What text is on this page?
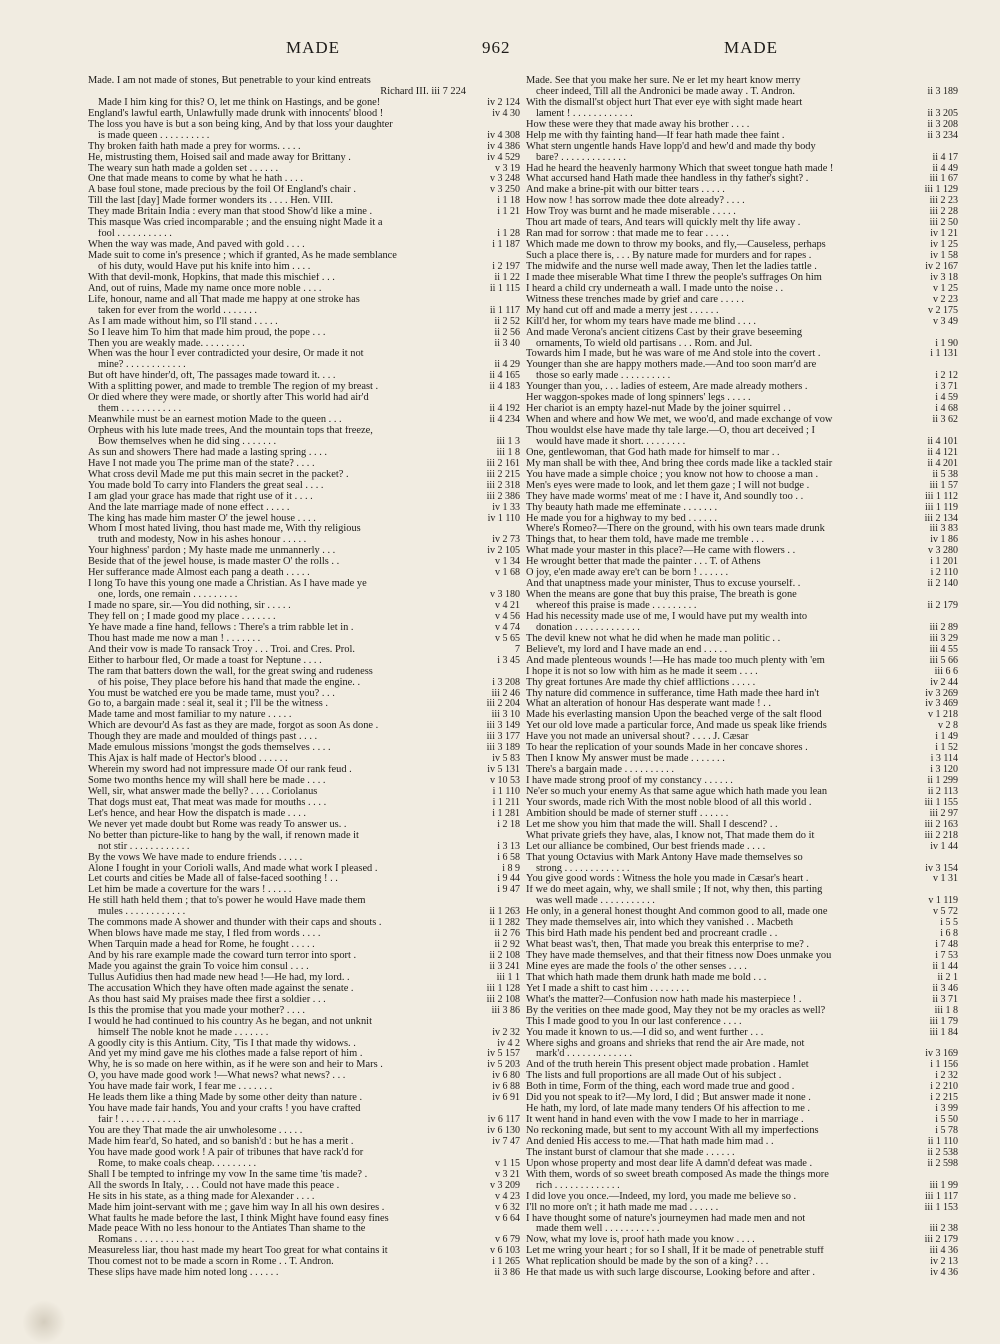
MADE	962	MADE
Made. I am not made of stones, But penetrable to your kind entreats
Richard III. iii 7 224
Made I him king for this? O, let me think on Hastings, and be gone!	iv 2 124
England's lawful earth, Unlawfully made drunk with innocents' blood !	iv 4 30
The loss you have is but a son being king, And by that loss your daughter
is made queen . . . . . . . . . .	iv 4 308
Thy broken faith hath made a prey for worms. . . . .	iv 4 386
He, mistrusting them, Hoised sail and made away for Brittany .	iv 4 529
The weary sun hath made a golden set . . . . . .	v 3 19
One that made means to come by what he hath . . . .	v 3 248
A base foul stone, made precious by the foil Of England's chair .	v 3 250
Till the last [day] Made former wonders its . . . . Hen. VIII.	i 1 18
They made Britain India : every man that stood Show'd like a mine .	i 1 21
This masque Was cried incomparable ; and the ensuing night Made it a
fool . . . . . . . . . . .	i 1 28
When the way was made, And paved with gold . . . .	i 1 187
Made suit to come in's presence ; which if granted, As he made semblance
of his duty, would Have put his knife into him . . . .	i 2 197
With that devil-monk, Hopkins, that made this mischief . . .	ii 1 22
And, out of ruins, Made my name once more noble . . . .	ii 1 115
Life, honour, name and all That made me happy at one stroke has
taken for ever from the world . . . . . . .	ii 1 117
As I am made without him, so I'll stand . . . . .	ii 2 52
So I leave him To him that made him proud, the pope . . .	ii 2 56
Then you are weakly made. . . . . . . . .	ii 3 40
When was the hour I ever contradicted your desire, Or made it not
mine? . . . . . . . . . . . .	ii 4 29
But oft have hinder'd, oft, The passages made toward it. . . .	ii 4 165
With a splitting power, and made to tremble The region of my breast .	ii 4 183
Or died where they were made, or shortly after This world had air'd
them . . . . . . . . . . . .	ii 4 192
Meanwhile must be an earnest motion Made to the queen . . .	ii 4 234
Orpheus with his lute made trees, And the mountain tops that freeze,
Bow themselves when he did sing . . . . . . .	iii 1 3
As sun and showers There had made a lasting spring . . . .	iii 1 8
Have I not made you The prime man of the state? . . . .	iii 2 161
What cross devil Made me put this main secret in the packet? .	iii 2 215
You made bold To carry into Flanders the great seal . . . .	iii 2 318
I am glad your grace has made that right use of it . . . .	iii 2 386
And the late marriage made of none effect . . . . .	iv 1 33
The king has made him master O' the jewel house . . . .	iv 1 110
Whom I most hated living, thou hast made me, With thy religious
truth and modesty, Now in his ashes honour . . . . .	iv 2 73
Your highness' pardon ; My haste made me unmannerly . . .	iv 2 105
Beside that of the jewel house, is made master O' the rolls . .	v 1 34
Her sufferance made Almost each pang a death . . . . .	v 1 68
I long To have this young one made a Christian. As I have made ye
one, lords, one remain . . . . . . . . .	v 3 180
I made no spare, sir.—You did nothing, sir . . . . .	v 4 21
They fell on ; I made good my place . . . . . . .	v 4 56
Ye have made a fine hand, fellows : There's a trim rabble let in .	v 4 74
Thou hast made me now a man ! . . . . . . .	v 5 65
And their vow is made To ransack Troy . . . Troi. and Cres. Prol.	7
Either to harbour fled, Or made a toast for Neptune . . . .	i 3 45
The ram that batters down the wall, for the great swing and rudeness
of his poise, They place before his hand that made the engine. .	i 3 208
You must be watched ere you be made tame, must you? . . .	iii 2 46
Go to, a bargain made : seal it, seal it ; I'll be the witness .	iii 2 204
Made tame and most familiar to my nature . . . . .	iii 3 10
Which are devour'd As fast as they are made, forgot as soon As done .	iii 3 149
Though they are made and moulded of things past . . . .	iii 3 177
Made emulous missions 'mongst the gods themselves . . . .	iii 3 189
This Ajax is half made of Hector's blood . . . . . .	iv 5 83
Wherein my sword had not impressure made Of our rank feud .	iv 5 131
Some two months hence my will shall here be made . . . .	v 10 53
Well, sir, what answer made the belly? . . . . Coriolanus	i 1 110
That dogs must eat, That meat was made for mouths . . . .	i 1 211
Let's hence, and hear How the dispatch is made . . . .	i 1 281
We never yet made doubt but Rome was ready To answer us. .	i 2 18
No better than picture-like to hang by the wall, if renown made it
not stir . . . . . . . . . . . .	i 3 13
By the vows We have made to endure friends . . . . .	i 6 58
Alone I fought in your Corioli walls, And made what work I pleased .	i 8 9
Let courts and cities be Made all of false-faced soothing ! . .	i 9 44
Let him be made a coverture for the wars ! . . . . .	i 9 47
He still hath held them ; that to's power he would Have made them
mules . . . . . . . . . . . .	ii 1 263
The commons made A shower and thunder with their caps and shouts .	ii 1 282
When blows have made me stay, I fled from words . . . .	ii 2 76
When Tarquin made a head for Rome, he fought . . . . .	ii 2 92
And by his rare example made the coward turn terror into sport .	ii 2 108
Made you against the grain To voice him consul . . . .	ii 3 241
Tullus Aufidius then had made new head !—He had, my lord. .	iii 1 1
The accusation Which they have often made against the senate .	iii 1 128
As thou hast said My praises made thee first a soldier . . .	iii 2 108
Is this the promise that you made your mother? . . . .	iii 3 86
I would he had continued to his country As he began, and not unknit
himself The noble knot he made . . . . . . .	iv 2 32
A goodly city is this Antium. City, 'Tis I that made thy widows. .	iv 4 2
And yet my mind gave me his clothes made a false report of him .	iv 5 157
Why, he is so made on here within, as if he were son and heir to Mars .	iv 5 203
O, you have made good work !—What news? what news? . . .	iv 6 80
You have made fair work, I fear me . . . . . . .	iv 6 88
He leads them like a thing Made by some other deity than nature .	iv 6 91
You have made fair hands, You and your crafts ! you have crafted
fair ! . . . . . . . . . . . .	iv 6 117
You are they That made the air unwholesome . . . . .	iv 6 130
Made him fear'd, So hated, and so banish'd : but he has a merit .	iv 7 47
You have made good work ! A pair of tribunes that have rack'd for
Rome, to make coals cheap. . . . . . . . .	v 1 15
Shall I be tempted to infringe my vow In the same time 'tis made? .	v 3 21
All the swords In Italy, . . . Could not have made this peace .	v 3 209
He sits in his state, as a thing made for Alexander . . . .	v 4 23
Made him joint-servant with me ; gave him way In all his own desires .	v 6 32
What faults he made before the last, I think Might have found easy fines	v 6 64
Made peace With no less honour to the Antiates Than shame to the
Romans . . . . . . . . . . . .	v 6 79
Measureless liar, thou hast made my heart Too great for what contains it	v 6 103
Thou comest not to be made a scorn in Rome . . T. Andron.	i 1 265
These slips have made him noted long . . . . . .	ii 3 86
Made. See that you make her sure. Ne er let my heart know merry
cheer indeed, Till all the Andronici be made away . T. Andron.	ii 3 189
With the dismall'st object hurt That ever eye with sight made heart
lament ! . . . . . . . . . . . .	ii 3 205
How these were they that made away his brother . . . .	ii 3 208
Help me with thy fainting hand—If fear hath made thee faint .	ii 3 234
What stern ungentle hands Have lopp'd and hew'd and made thy body
bare? . . . . . . . . . . . . .	ii 4 17
Had he heard the heavenly harmony Which that sweet tongue hath made !	ii 4 49
What accursed hand Hath made thee handless in thy father's sight? .	iii 1 67
And make a brine-pit with our bitter tears . . . . .	iii 1 129
How now ! has sorrow made thee dote already? . . . .	iii 2 23
How Troy was burnt and he made miserable . . . . .	iii 2 28
Thou art made of tears, And tears will quickly melt thy life away .	iii 2 50
Ran mad for sorrow : that made me to fear . . . . .	iv 1 21
Which made me down to throw my books, and fly,—Causeless, perhaps	iv 1 25
Such a place there is, . . . By nature made for murders and for rapes .	iv 1 58
The midwife and the nurse well made away, Then let the ladies tattle .	iv 2 167
I made thee miserable What time I threw the people's suffrages On him	iv 3 18
I heard a child cry underneath a wall. I made unto the noise . .	v 1 25
Witness these trenches made by grief and care . . . . .	v 2 23
My hand cut off and made a merry jest . . . . . .	v 2 175
Kill'd her, for whom my tears have made me blind . . . .	v 3 49
And made Verona's ancient citizens Cast by their grave beseeming
ornaments, To wield old partisans . . . Rom. and Jul.	i 1 90
Towards him I made, but he was ware of me And stole into the covert .	i 1 131
Younger than she are happy mothers made.—And too soon marr'd are
those so early made . . . . . . . . . .	i 2 12
Younger than you, . . . ladies of esteem, Are made already mothers .	i 3 71
Her waggon-spokes made of long spinners' legs . . . . .	i 4 59
Her chariot is an empty hazel-nut Made by the joiner squirrel . .	i 4 68
When and where and how We met, we woo'd, and made exchange of vow	ii 3 62
Thou wouldst else have made thy tale large.—O, thou art deceived ; I
would have made it short. . . . . . . . .	ii 4 101
One, gentlewoman, that God hath made for himself to mar . .	ii 4 121
My man shall be with thee, And bring thee cords made like a tackled stair	ii 4 201
You have made a simple choice ; you know not how to choose a man .	ii 5 38
Men's eyes were made to look, and let them gaze ; I will not budge .	iii 1 57
They have made worms' meat of me : I have it, And soundly too . .	iii 1 112
Thy beauty hath made me effeminate . . . . . . .	iii 1 119
He made you for a highway to my bed . . . . . .	iii 2 134
Where's Romeo?—There on the ground, with his own tears made drunk	iii 3 83
Things that, to hear them told, have made me tremble . . .	iv 1 86
What made your master in this place?—He came with flowers . .	v 3 280
He wrought better that made the painter . . . T. of Athens	i 1 201
O joy, e'en made away ere't can be born ! . . . . . .	i 2 110
And that unaptness made your minister, Thus to excuse yourself. .	ii 2 140
When the means are gone that buy this praise, The breath is gone
whereof this praise is made . . . . . . . . .	ii 2 179
Had his necessity made use of me, I would have put my wealth into
donation . . . . . . . . . . . . .	iii 2 89
The devil knew not what he did when he made man politic . .	iii 3 29
Believe't, my lord and I have made an end . . . . .	iii 4 55
And made plenteous wounds !—He has made too much plenty with 'em	iii 5 66
I hope it is not so low with him as he made it seem . . . .	iii 6 6
Thy great fortunes Are made thy chief afflictions . . . . .	iv 2 44
Thy nature did commence in sufferance, time Hath made thee hard in't	iv 3 269
What an alteration of honour Has desperate want made ! . .	iv 3 469
Made his everlasting mansion Upon the beached verge of the salt flood	v 1 218
Yet our old love made a particular force, And made us speak like friends	v 2 8
Have you not made an universal shout? . . . . J. Cæsar	i 1 49
To hear the replication of your sounds Made in her concave shores .	i 1 52
Then I know My answer must be made . . . . . . .	i 3 114
There's a bargain made . . . . . . . . . .	i 3 120
I have made strong proof of my constancy . . . . . .	ii 1 299
Ne'er so much your enemy As that same ague which hath made you lean	ii 2 113
Your swords, made rich With the most noble blood of all this world .	iii 1 155
Ambition should be made of sterner stuff . . . . . .	iii 2 97
Let me show you him that made the will. Shall I descend? . .	iii 2 163
What private griefs they have, alas, I know not, That made them do it	iii 2 218
Let our alliance be combined, Our best friends made . . . .	iv 1 44
That young Octavius with Mark Antony Have made themselves so
strong . . . . . . . . . . . . .	iv 3 154
You give good words : Witness the hole you made in Cæsar's heart .	v 1 31
If we do meet again, why, we shall smile ; If not, why then, this parting
was well made . . . . . . . . . . .	v 1 119
He only, in a general honest thought And common good to all, made one	v 5 72
They made themselves air, into which they vanished . . Macbeth	i 5 5
This bird Hath made his pendent bed and procreant cradle . .	i 6 8
What beast was't, then, That made you break this enterprise to me? .	i 7 48
They have made themselves, and that their fitness now Does unmake you	i 7 53
Mine eyes are made the fools o' the other senses . . . .	ii 1 44
That which hath made them drunk hath made me bold . . .	ii 2 1
Yet I made a shift to cast him . . . . . . . .	ii 3 46
What's the matter?—Confusion now hath made his masterpiece ! .	ii 3 71
By the verities on thee made good, May they not be my oracles as well?	iii 1 8
This I made good to you In our last conference . . . .	iii 1 79
You made it known to us.—I did so, and went further . . .	iii 1 84
Where sighs and groans and shrieks that rend the air Are made, not
mark'd . . . . . . . . . . . . .	iv 3 169
And of the truth herein This present object made probation . Hamlet	i 1 156
The lists and full proportions are all made Out of his subject .	i 2 32
Both in time, Form of the thing, each word made true and good .	i 2 210
Did you not speak to it?—My lord, I did ; But answer made it none .	i 2 215
He hath, my lord, of late made many tenders Of his affection to me .	i 3 99
It went hand in hand even with the vow I made to her in marriage .	i 5 50
No reckoning made, but sent to my account With all my imperfections	i 5 78
And denied His access to me.—That hath made him mad . .	ii 1 110
The instant burst of clamour that she made . . . . . .	ii 2 538
Upon whose property and most dear life A damn'd defeat was made .	ii 2 598
With them, words of so sweet breath composed As made the things more
rich . . . . . . . . . . . . .	iii 1 99
I did love you once.—Indeed, my lord, you made me believe so .	iii 1 117
I'll no more on't ; it hath made me mad . . . . . .	iii 1 153
I have thought some of nature's journeymen had made men and not
made them well . . . . . . . . . . .	iii 2 38
Now, what my love is, proof hath made you know . . . .	iii 2 179
Let me wring your heart ; for so I shall, If it be made of penetrable stuff	iii 4 36
What replication should be made by the son of a king? . . .	iv 2 13
He that made us with such large discourse, Looking before and after .	iv 4 36
